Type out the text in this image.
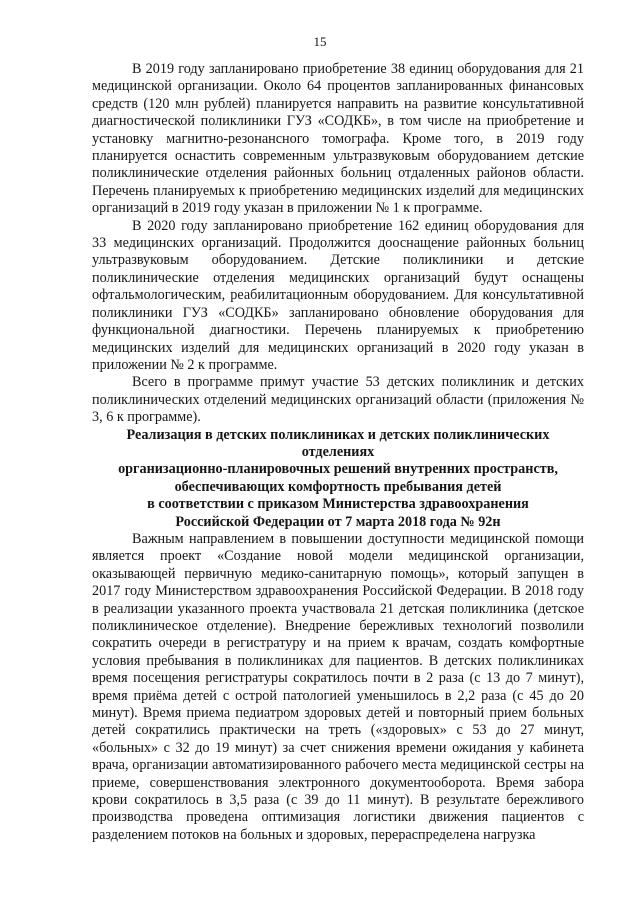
15

В 2019 году запланировано приобретение 38 единиц оборудования для 21 медицинской организации. Около 64 процентов запланированных финансовых средств (120 млн рублей) планируется направить на развитие консультативной диагностической поликлиники ГУЗ «СОДКБ», в том числе на приобретение и установку магнитно-резонансного томографа. Кроме того, в 2019 году планируется оснастить современным ультразвуковым оборудованием детские поликлинические отделения районных больниц отдаленных районов области. Перечень планируемых к приобретению медицинских изделий для медицинских организаций в 2019 году указан в приложении № 1 к программе.

В 2020 году запланировано приобретение 162 единиц оборудования для 33 медицинских организаций. Продолжится дооснащение районных больниц ультразвуковым оборудованием. Детские поликлиники и детские поликлинические отделения медицинских организаций будут оснащены офтальмологическим, реабилитационным оборудованием. Для консультативной поликлиники ГУЗ «СОДКБ» запланировано обновление оборудования для функциональной диагностики. Перечень планируемых к приобретению медицинских изделий для медицинских организаций в 2020 году указан в приложении № 2 к программе.

Всего в программе примут участие 53 детских поликлиник и детских поликлинических отделений медицинских организаций области (приложения № 3, 6 к программе).

Реализация в детских поликлиниках и детских поликлинических отделениях
организационно-планировочных решений внутренних пространств,
обеспечивающих комфортность пребывания детей
в соответствии с приказом Министерства здравоохранения
Российской Федерации от 7 марта 2018 года № 92н

Важным направлением в повышении доступности медицинской помощи является проект «Создание новой модели медицинской организации, оказывающей первичную медико-санитарную помощь», который запущен в 2017 году Министерством здравоохранения Российской Федерации. В 2018 году в реализации указанного проекта участвовала 21 детская поликлиника (детское поликлиническое отделение). Внедрение бережливых технологий позволили сократить очереди в регистратуру и на прием к врачам, создать комфортные условия пребывания в поликлиниках для пациентов. В детских поликлиниках время посещения регистратуры сократилось почти в 2 раза (с 13 до 7 минут), время приёма детей с острой патологией уменьшилось в 2,2 раза (с 45 до 20 минут). Время приема педиатром здоровых детей и повторный прием больных детей сократились практически на треть («здоровых» с 53 до 27 минут, «больных» с 32 до 19 минут) за счет снижения времени ожидания у кабинета врача, организации автоматизированного рабочего места медицинской сестры на приеме, совершенствования электронного документооборота. Время забора крови сократилось в 3,5 раза (с 39 до 11 минут). В результате бережливого производства проведена оптимизация логистики движения пациентов с разделением потоков на больных и здоровых, перераспределена нагрузка
